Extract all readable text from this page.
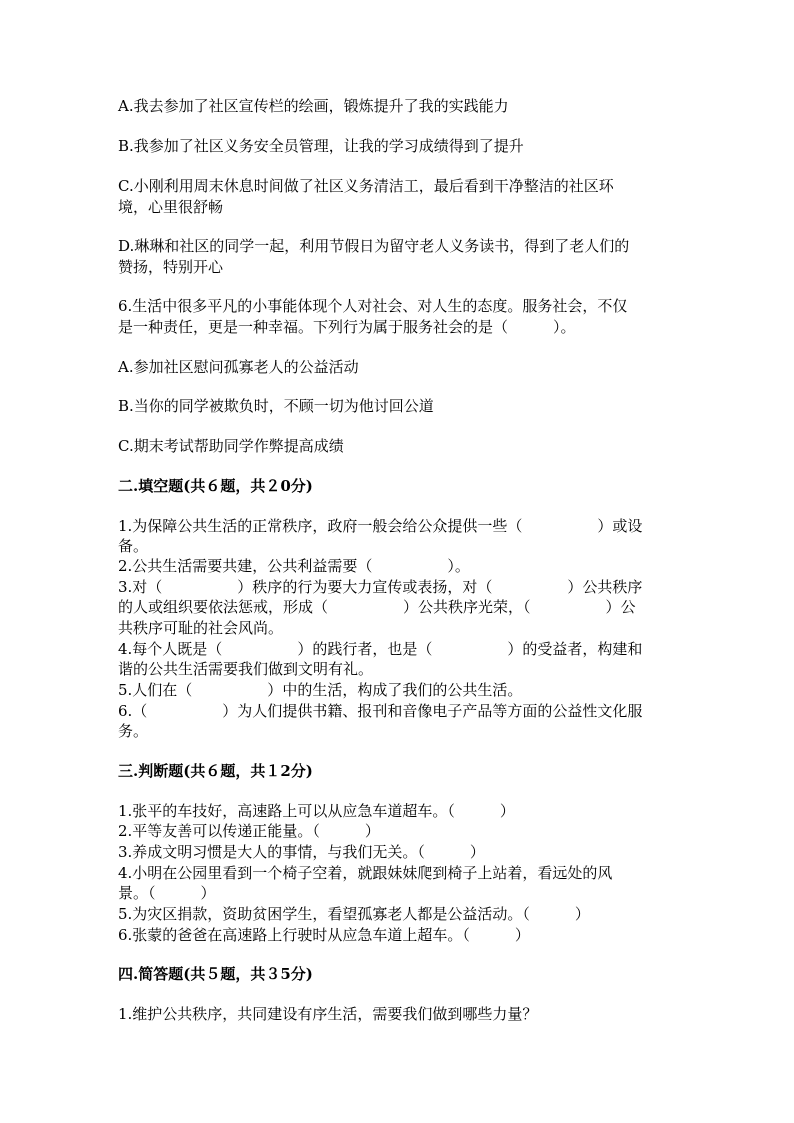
A.我去参加了社区宣传栏的绘画，锻炼提升了我的实践能力
B.我参加了社区义务安全员管理，让我的学习成绩得到了提升
C.小刚利用周末休息时间做了社区义务清洁工，最后看到干净整洁的社区环
境，心里很舒畅
D.琳琳和社区的同学一起，利用节假日为留守老人义务读书，得到了老人们的
赞扬，特别开心
6.生活中很多平凡的小事能体现个人对社会、对人生的态度。服务社会，不仅
是一种责任，更是一种幸福。下列行为属于服务社会的是（　　　）。
A.参加社区慰问孤寡老人的公益活动
B.当你的同学被欺负时，不顾一切为他讨回公道
C.期末考试帮助同学作弊提高成绩
二.填空题(共６题，共２0分)
1.为保障公共生活的正常秩序，政府一般会给公众提供一些（　　　　　）或设
备。
2.公共生活需要共建，公共利益需要（　　　　　）。
3.对（　　　　　）秩序的行为要大力宣传或表扬，对（　　　　　）公共秩序
的人或组织要依法惩戒，形成（　　　　　）公共秩序光荣，（　　　　　）公
共秩序可耻的社会风尚。
4.每个人既是（　　　　　）的践行者，也是（　　　　　）的受益者，构建和
谐的公共生活需要我们做到文明有礼。
5.人们在（　　　　　）中的生活，构成了我们的公共生活。
6.（　　　　　）为人们提供书籍、报刊和音像电子产品等方面的公益性文化服
务。
三.判断题(共６题，共１2分)
1.张平的车技好，高速路上可以从应急车道超车。（　　　）
2.平等友善可以传递正能量。（　　　）
3.养成文明习惯是大人的事情，与我们无关。（　　　）
4.小明在公园里看到一个椅子空着，就跟妹妹爬到椅子上站着，看远处的风
景。（　　　）
5.为灾区捐款，资助贫困学生，看望孤寡老人都是公益活动。（　　　）
6.张蒙的爸爸在高速路上行驶时从应急车道上超车。（　　　）
四.简答题(共５题，共３5分)
1.维护公共秩序，共同建设有序生活，需要我们做到哪些力量？
